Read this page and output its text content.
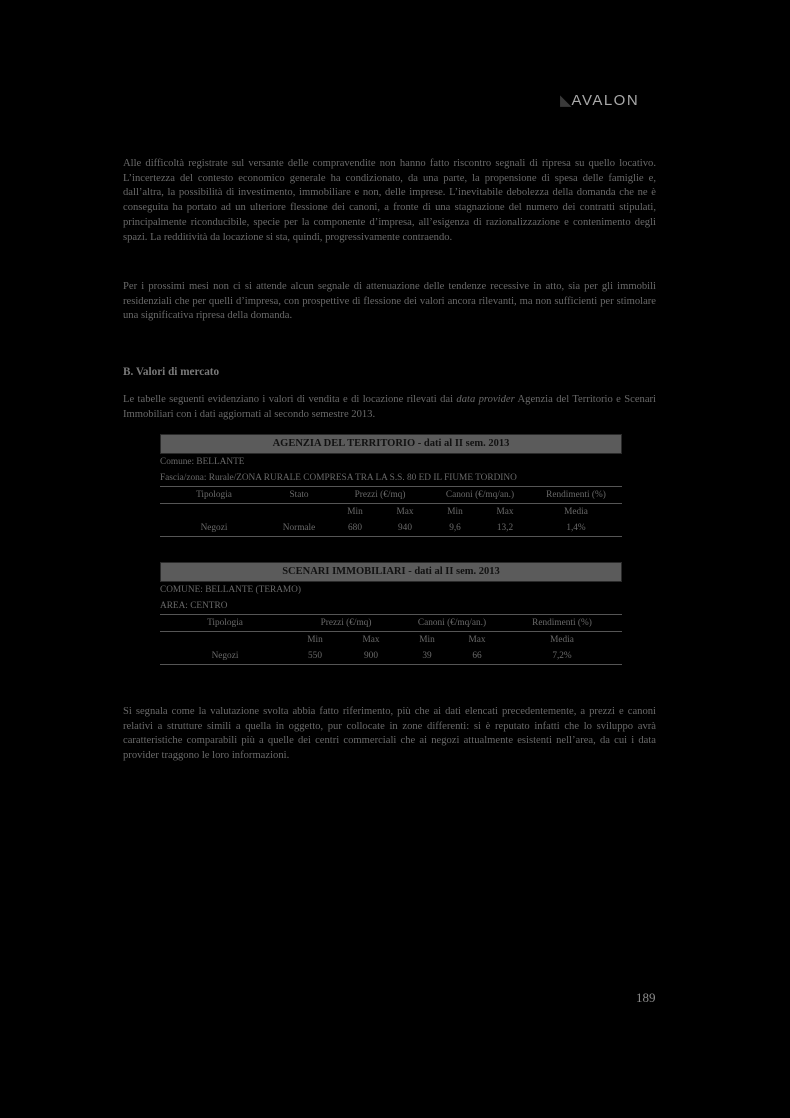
◣AVALON

Alle difficoltà registrate sul versante delle compravendite non hanno fatto riscontro segnali di ripresa su quello locativo. L’incertezza del contesto economico generale ha condizionato, da una parte, la propensione di spesa delle famiglie e, dall’altra, la possibilità di investimento, immobiliare e non, delle imprese. L’inevitabile debolezza della domanda che ne è conseguita ha portato ad un ulteriore flessione dei canoni, a fronte di una stagnazione del numero dei contratti stipulati, principalmente riconducibile, specie per la componente d’impresa, all’esigenza di razionalizzazione e contenimento degli spazi. La redditività da locazione si sta, quindi, progressivamente contraendo.

Per i prossimi mesi non ci si attende alcun segnale di attenuazione delle tendenze recessive in atto, sia per gli immobili residenziali che per quelli d’impresa, con prospettive di flessione dei valori ancora rilevanti, ma non sufficienti per stimolare una significativa ripresa della domanda.

B. Valori di mercato

Le tabelle seguenti evidenziano i valori di vendita e di locazione rilevati dai data provider Agenzia del Territorio e Scenari Immobiliari con i dati aggiornati al secondo semestre 2013.

AGENZIA DEL TERRITORIO - dati al II sem. 2013
Comune: BELLANTE
Fascia/zona: Rurale/ZONA RURALE COMPRESA TRA LA S.S. 80 ED IL FIUME TORDINO
Tipologia	Stato	Prezzi (€/mq)	Canoni (€/mq/an.)	Rendimenti (%)
Min	Max	Min	Max	Media
Negozi	Normale	680	940	9,6	13,2	1,4%
SCENARI IMMOBILIARI - dati al II sem. 2013
COMUNE: BELLANTE (TERAMO)
AREA: CENTRO
Tipologia	Prezzi (€/mq)	Canoni (€/mq/an.)	Rendimenti (%)
Min	Max	Min	Max	Media
Negozi	550	900	39	66	7,2%

Si segnala come la valutazione svolta abbia fatto riferimento, più che ai dati elencati precedentemente, a prezzi e canoni relativi a strutture simili a quella in oggetto, pur collocate in zone differenti: si è reputato infatti che lo sviluppo avrà caratteristiche comparabili più a quelle dei centri commerciali che ai negozi attualmente esistenti nell’area, da cui i data provider traggono le loro informazioni.

189
